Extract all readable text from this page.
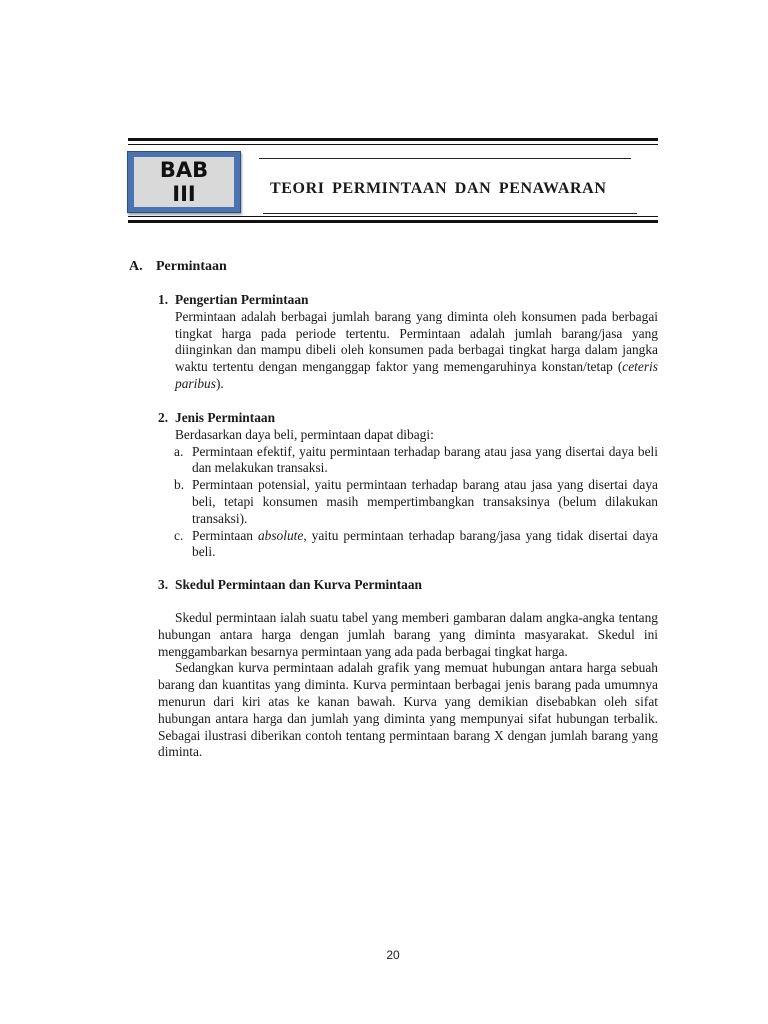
BAB
III	TEORI PERMINTAAN DAN PENAWARAN
A. Permintaan
1. Pengertian Permintaan
Permintaan adalah berbagai jumlah barang yang diminta oleh konsumen pada berbagai tingkat harga pada periode tertentu. Permintaan adalah jumlah barang/jasa yang diinginkan dan mampu dibeli oleh konsumen pada berbagai tingkat harga dalam jangka waktu tertentu dengan menganggap faktor yang memengaruhinya konstan/tetap (ceteris paribus).
2. Jenis Permintaan
Berdasarkan daya beli, permintaan dapat dibagi:
a. Permintaan efektif, yaitu permintaan terhadap barang atau jasa yang disertai daya beli dan melakukan transaksi.
b. Permintaan potensial, yaitu permintaan terhadap barang atau jasa yang disertai daya beli, tetapi konsumen masih mempertimbangkan transaksinya (belum dilakukan transaksi).
c. Permintaan absolute, yaitu permintaan terhadap barang/jasa yang tidak disertai daya beli.
3. Skedul Permintaan dan Kurva Permintaan

Skedul permintaan ialah suatu tabel yang memberi gambaran dalam angka-angka tentang hubungan antara harga dengan jumlah barang yang diminta masyarakat. Skedul ini menggambarkan besarnya permintaan yang ada pada berbagai tingkat harga.

Sedangkan kurva permintaan adalah grafik yang memuat hubungan antara harga sebuah barang dan kuantitas yang diminta. Kurva permintaan berbagai jenis barang pada umumnya menurun dari kiri atas ke kanan bawah. Kurva yang demikian disebabkan oleh sifat hubungan antara harga dan jumlah yang diminta yang mempunyai sifat hubungan terbalik. Sebagai ilustrasi diberikan contoh tentang permintaan barang X dengan jumlah barang yang diminta.

20
